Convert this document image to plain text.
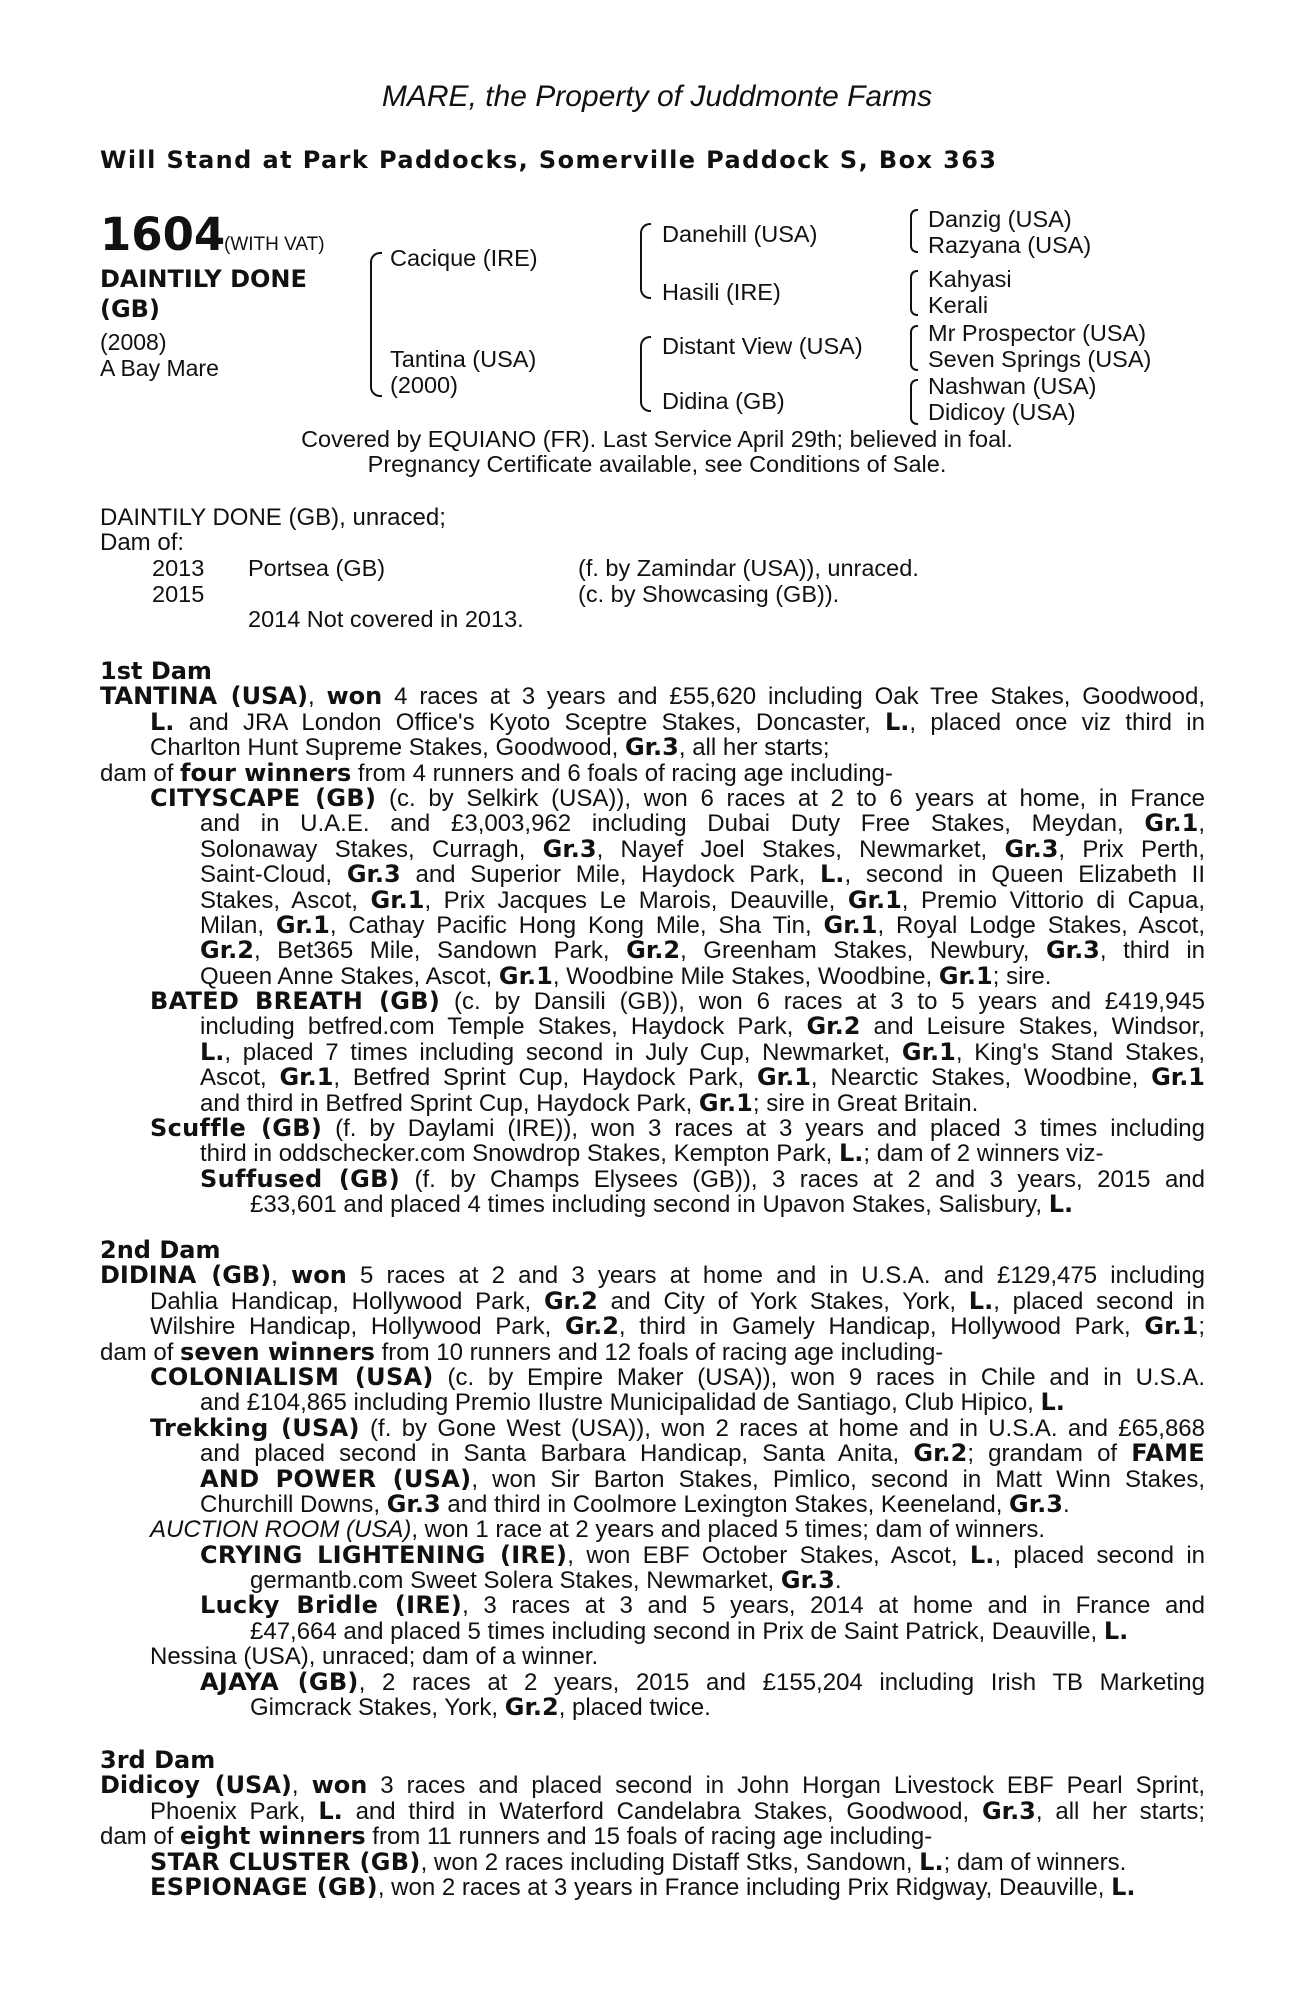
MARE, the Property of Juddmonte Farms
Will Stand at Park Paddocks, Somerville Paddock S, Box 363
1604
(WITH VAT)
DAINTILY DONE
(GB)
(2008)
A Bay Mare
Cacique (IRE)
Tantina (USA)
(2000)
Danehill (USA)
Hasili (IRE)
Distant View (USA)
Didina (GB)
Danzig (USA)
Razyana (USA)
Kahyasi
Kerali
Mr Prospector (USA)
Seven Springs (USA)
Nashwan (USA)
Didicoy (USA)
Covered by EQUIANO (FR). Last Service April 29th; believed in foal.
Pregnancy Certificate available, see Conditions of Sale.
DAINTILY DONE (GB), unraced;
Dam of:
2013 Portsea (GB)	(f. by Zamindar (USA)), unraced.
2015	(c. by Showcasing (GB)).
2014 Not covered in 2013.
1st Dam
TANTINA (USA), won 4 races at 3 years and £55,620 including Oak Tree Stakes, Goodwood,
L. and JRA London Office's Kyoto Sceptre Stakes, Doncaster, L., placed once viz third in
Charlton Hunt Supreme Stakes, Goodwood, Gr.3, all her starts;
dam of four winners from 4 runners and 6 foals of racing age including-
CITYSCAPE (GB) (c. by Selkirk (USA)), won 6 races at 2 to 6 years at home, in France
and in U.A.E. and £3,003,962 including Dubai Duty Free Stakes, Meydan, Gr.1,
Solonaway Stakes, Curragh, Gr.3, Nayef Joel Stakes, Newmarket, Gr.3, Prix Perth,
Saint-Cloud, Gr.3 and Superior Mile, Haydock Park, L., second in Queen Elizabeth II
Stakes, Ascot, Gr.1, Prix Jacques Le Marois, Deauville, Gr.1, Premio Vittorio di Capua,
Milan, Gr.1, Cathay Pacific Hong Kong Mile, Sha Tin, Gr.1, Royal Lodge Stakes, Ascot,
Gr.2, Bet365 Mile, Sandown Park, Gr.2, Greenham Stakes, Newbury, Gr.3, third in
Queen Anne Stakes, Ascot, Gr.1, Woodbine Mile Stakes, Woodbine, Gr.1; sire.
BATED BREATH (GB) (c. by Dansili (GB)), won 6 races at 3 to 5 years and £419,945
including betfred.com Temple Stakes, Haydock Park, Gr.2 and Leisure Stakes, Windsor,
L., placed 7 times including second in July Cup, Newmarket, Gr.1, King's Stand Stakes,
Ascot, Gr.1, Betfred Sprint Cup, Haydock Park, Gr.1, Nearctic Stakes, Woodbine, Gr.1
and third in Betfred Sprint Cup, Haydock Park, Gr.1; sire in Great Britain.
Scuffle (GB) (f. by Daylami (IRE)), won 3 races at 3 years and placed 3 times including
third in oddschecker.com Snowdrop Stakes, Kempton Park, L.; dam of 2 winners viz-
Suffused (GB) (f. by Champs Elysees (GB)), 3 races at 2 and 3 years, 2015 and
£33,601 and placed 4 times including second in Upavon Stakes, Salisbury, L.
2nd Dam
DIDINA (GB), won 5 races at 2 and 3 years at home and in U.S.A. and £129,475 including
Dahlia Handicap, Hollywood Park, Gr.2 and City of York Stakes, York, L., placed second in
Wilshire Handicap, Hollywood Park, Gr.2, third in Gamely Handicap, Hollywood Park, Gr.1;
dam of seven winners from 10 runners and 12 foals of racing age including-
COLONIALISM (USA) (c. by Empire Maker (USA)), won 9 races in Chile and in U.S.A.
and £104,865 including Premio Ilustre Municipalidad de Santiago, Club Hipico, L.
Trekking (USA) (f. by Gone West (USA)), won 2 races at home and in U.S.A. and £65,868
and placed second in Santa Barbara Handicap, Santa Anita, Gr.2; grandam of FAME
AND POWER (USA), won Sir Barton Stakes, Pimlico, second in Matt Winn Stakes,
Churchill Downs, Gr.3 and third in Coolmore Lexington Stakes, Keeneland, Gr.3.
AUCTION ROOM (USA), won 1 race at 2 years and placed 5 times; dam of winners.
CRYING LIGHTENING (IRE), won EBF October Stakes, Ascot, L., placed second in
germantb.com Sweet Solera Stakes, Newmarket, Gr.3.
Lucky Bridle (IRE), 3 races at 3 and 5 years, 2014 at home and in France and
£47,664 and placed 5 times including second in Prix de Saint Patrick, Deauville, L.
Nessina (USA), unraced; dam of a winner.
AJAYA (GB), 2 races at 2 years, 2015 and £155,204 including Irish TB Marketing
Gimcrack Stakes, York, Gr.2, placed twice.
3rd Dam
Didicoy (USA), won 3 races and placed second in John Horgan Livestock EBF Pearl Sprint,
Phoenix Park, L. and third in Waterford Candelabra Stakes, Goodwood, Gr.3, all her starts;
dam of eight winners from 11 runners and 15 foals of racing age including-
STAR CLUSTER (GB), won 2 races including Distaff Stks, Sandown, L.; dam of winners.
ESPIONAGE (GB), won 2 races at 3 years in France including Prix Ridgway, Deauville, L.
